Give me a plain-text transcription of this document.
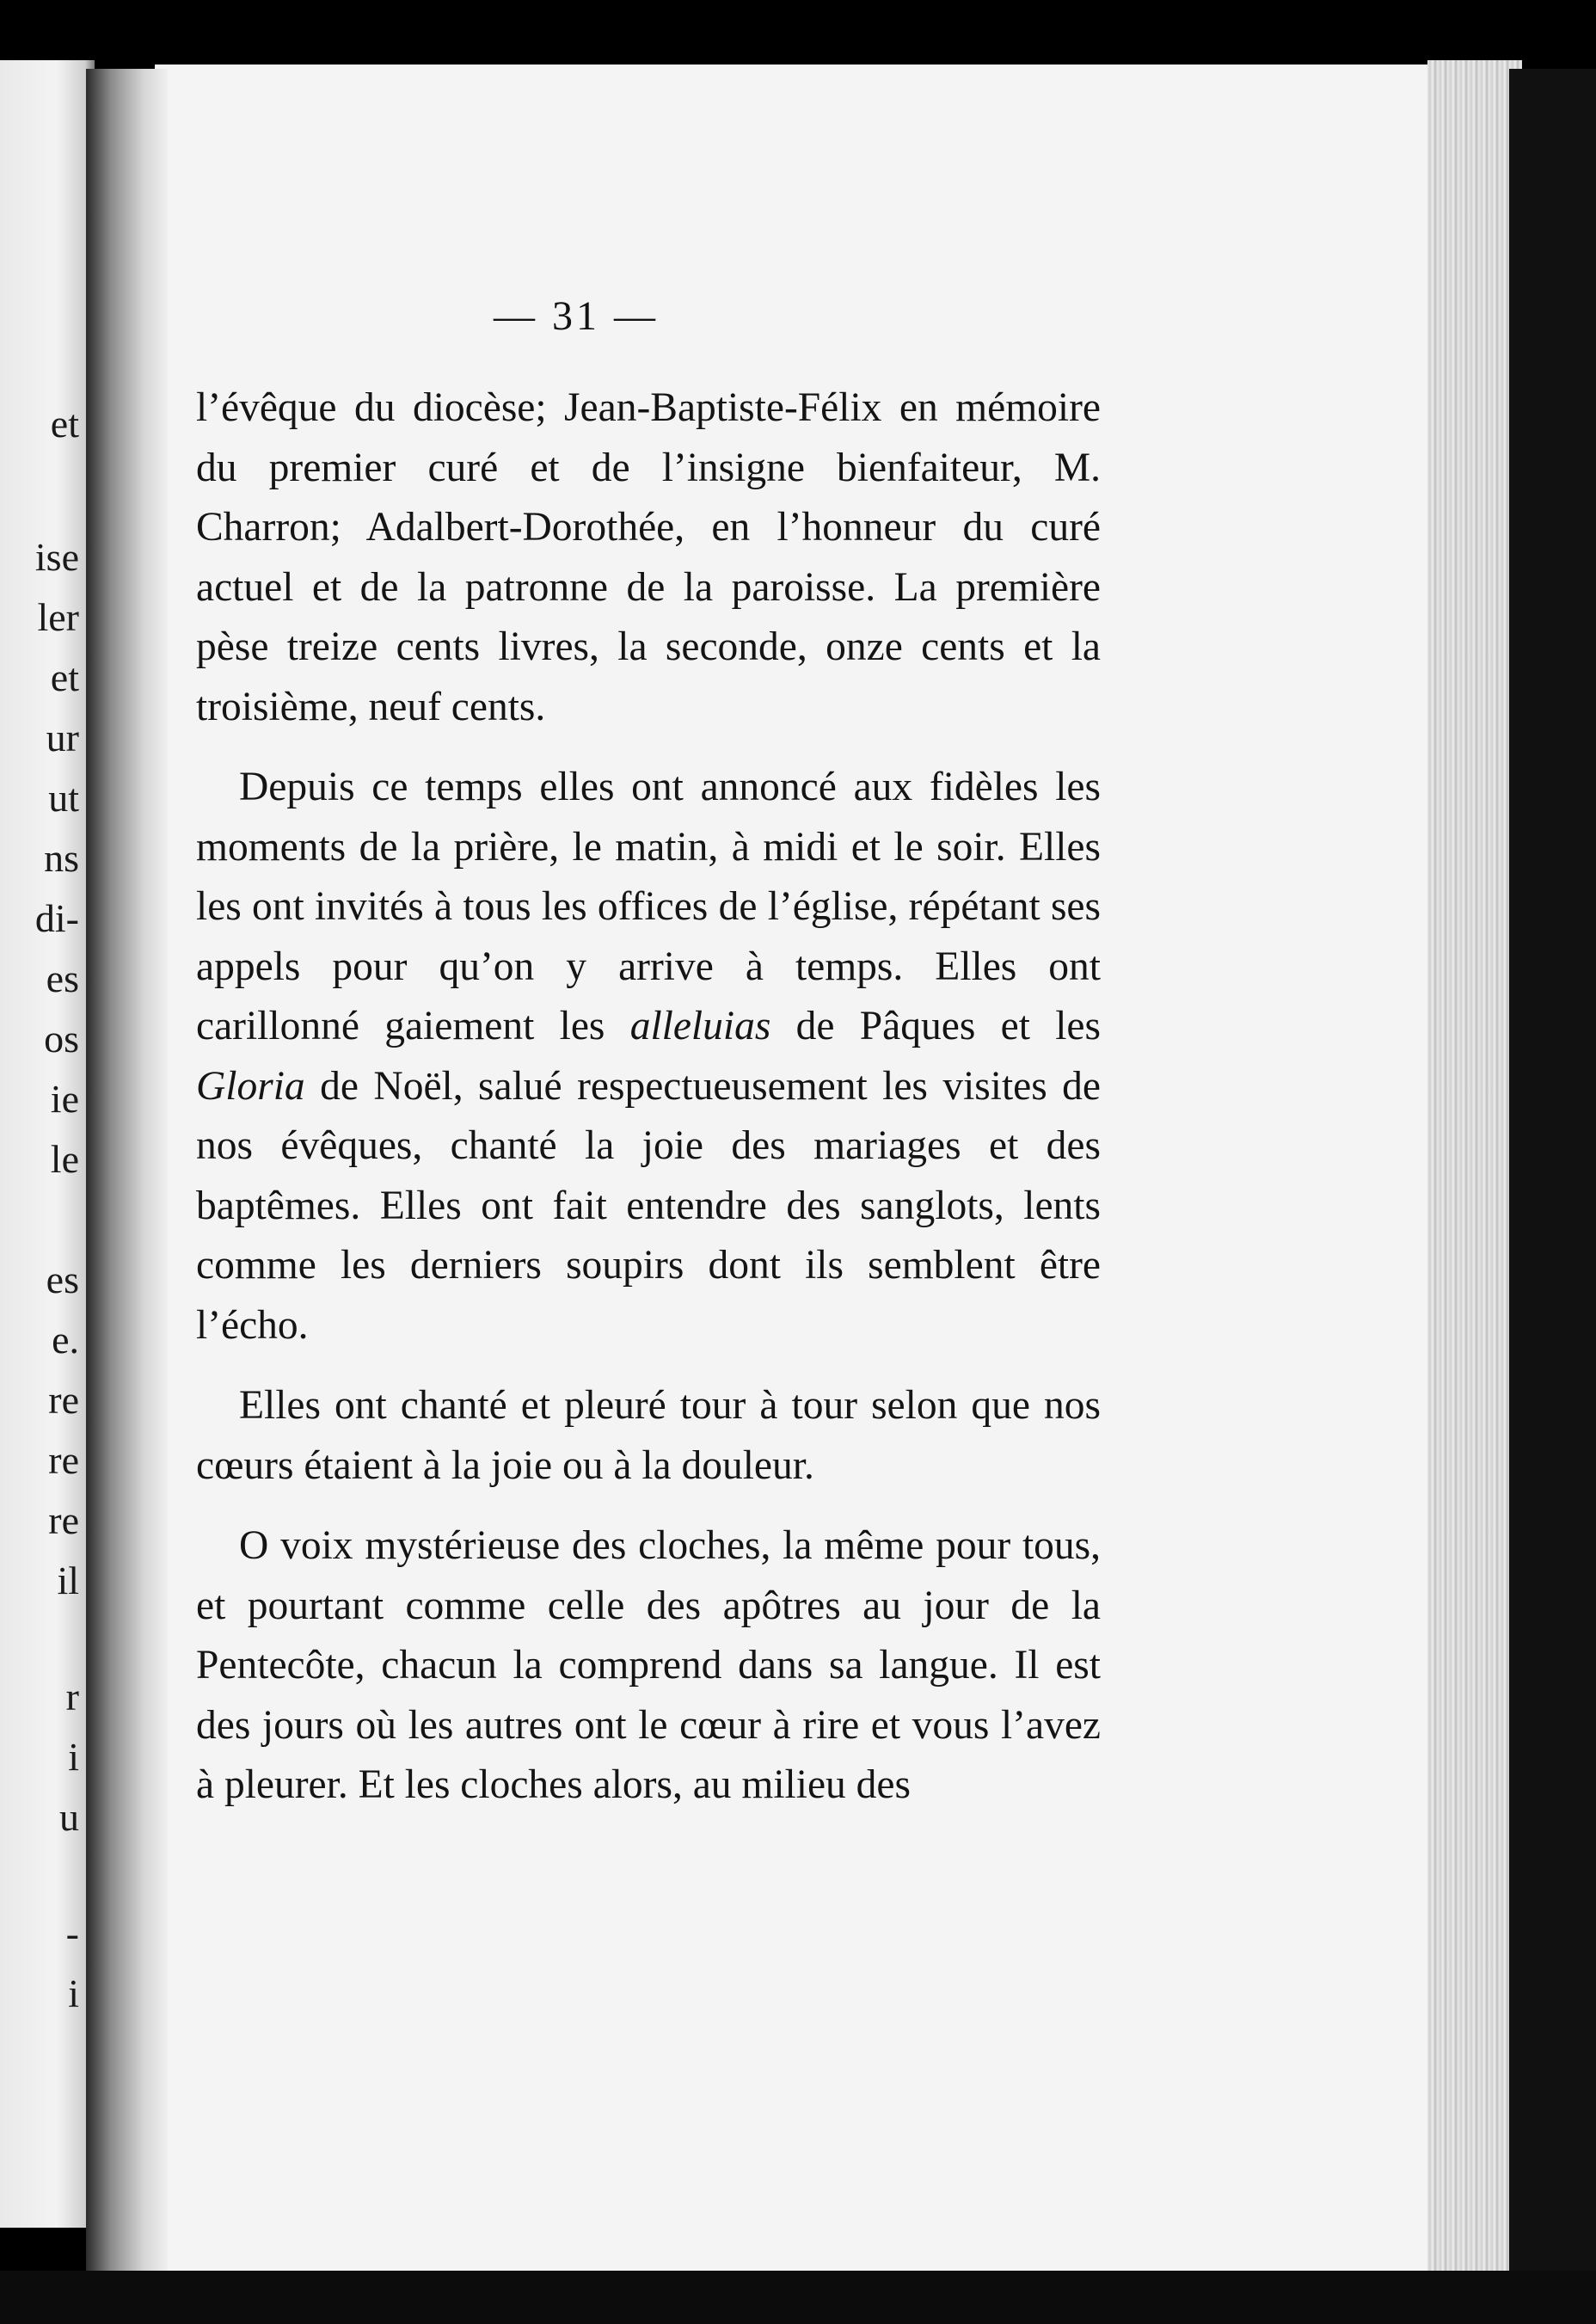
et
ise
ler
et
ur
ut
ns
di-
es
os
ie
le
es
e.
re
re
re
il
r
i
u
-
i
— 31 —

l’évêque du diocèse; Jean-Baptiste-Félix en mémoire du premier curé et de l’insigne bienfaiteur, M. Charron; Adalbert-Dorothée, en l’honneur du curé actuel et de la patronne de la paroisse. La première pèse treize cents livres, la seconde, onze cents et la troisième, neuf cents.

Depuis ce temps elles ont annoncé aux fidèles les moments de la prière, le matin, à midi et le soir. Elles les ont invités à tous les offices de l’église, répétant ses appels pour qu’on y arrive à temps. Elles ont carillonné gaiement les alleluias de Pâques et les Gloria de Noël, salué respectueusement les visites de nos évêques, chanté la joie des mariages et des baptêmes. Elles ont fait entendre des sanglots, lents comme les derniers soupirs dont ils semblent être l’écho.

Elles ont chanté et pleuré tour à tour selon que nos cœurs étaient à la joie ou à la douleur.

O voix mystérieuse des cloches, la même pour tous, et pourtant comme celle des apôtres au jour de la Pentecôte, chacun la comprend dans sa langue. Il est des jours où les autres ont le cœur à rire et vous l’avez à pleurer. Et les cloches alors, au milieu des
